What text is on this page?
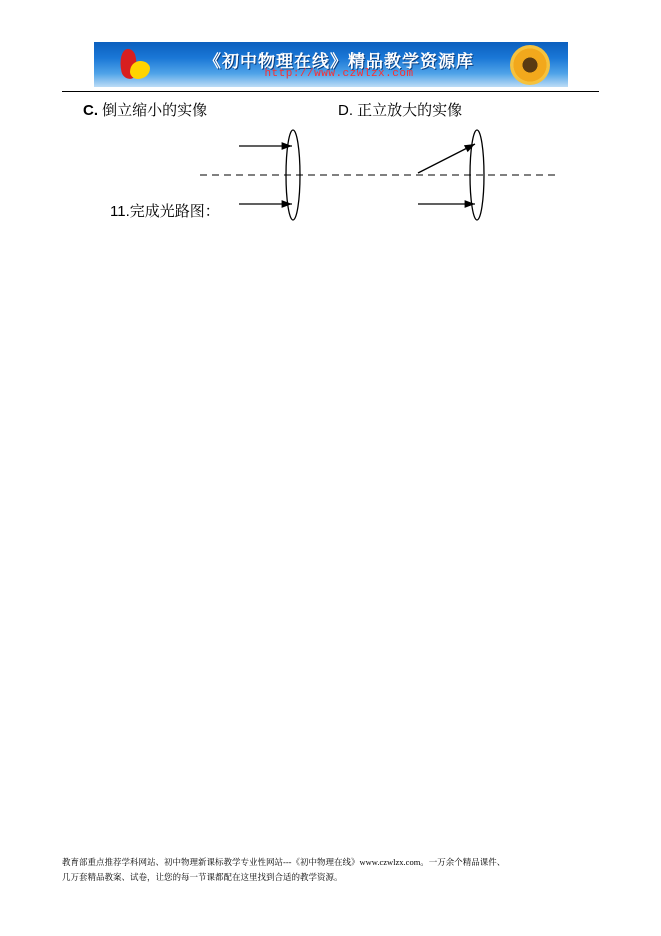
《初中物理在线》精品教学资源库
http://www.czwlzx.com
C. 倒立缩小的实像	D. 正立放大的实像
11.完成光路图：
教育部重点推荐学科网站、初中物理新课标教学专业性网站---《初中物理在线》www.czwlzx.com。一万余个精品课件、
几万套精品教案、试卷，让您的每一节课都配在这里找到合适的教学资源。
